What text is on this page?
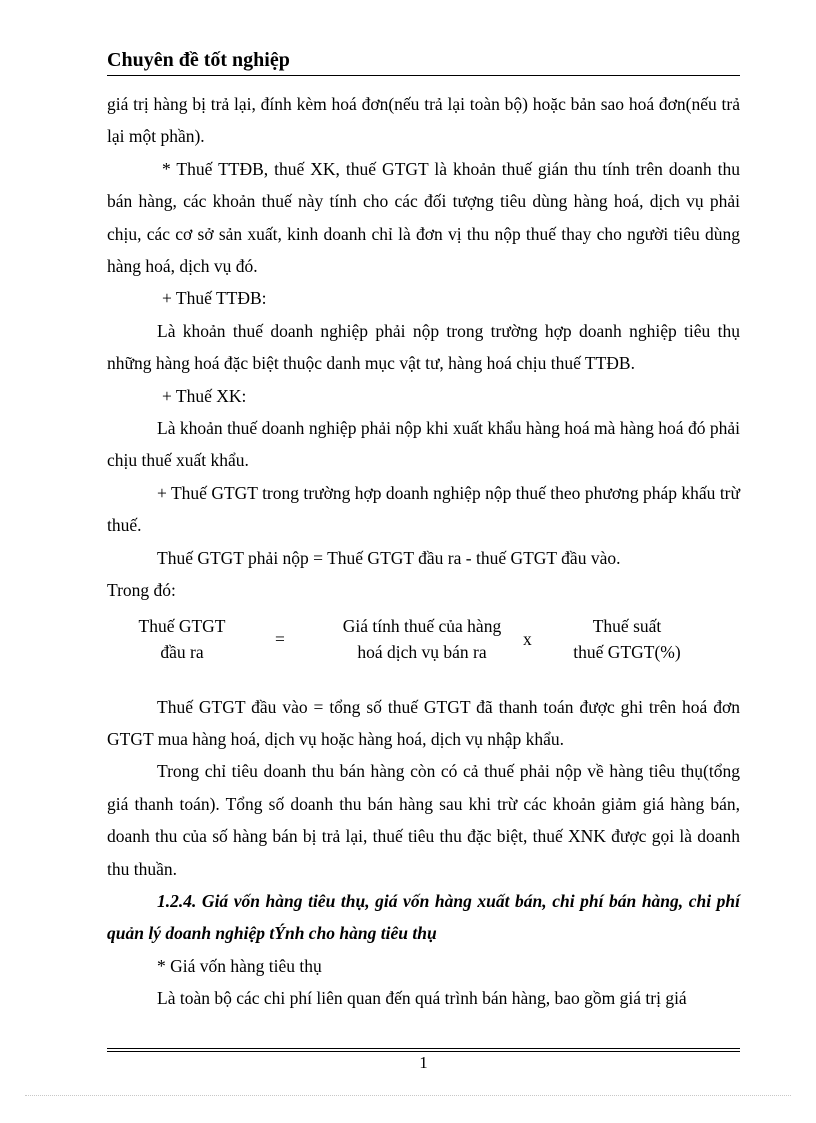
Chuyên đề tốt nghiệp

giá trị hàng bị trả lại, đính kèm hoá đơn(nếu trả lại toàn bộ) hoặc bản sao hoá đơn(nếu trả lại một phần).

* Thuế TTĐB, thuế XK, thuế GTGT là khoản thuế gián thu tính trên doanh thu bán hàng, các khoản thuế này tính cho các đối tượng tiêu dùng hàng hoá, dịch vụ phải chịu, các cơ sở sản xuất, kinh doanh chỉ là đơn vị thu nộp thuế thay cho người tiêu dùng hàng hoá, dịch vụ đó.

+ Thuế TTĐB:

Là khoản thuế doanh nghiệp phải nộp trong trường hợp doanh nghiệp tiêu thụ những hàng hoá đặc biệt thuộc danh mục vật tư, hàng hoá chịu thuế TTĐB.

+ Thuế XK:

Là khoản thuế doanh nghiệp phải nộp khi xuất khẩu hàng hoá mà hàng hoá đó phải chịu thuế xuất khẩu.

+ Thuế GTGT trong trường hợp doanh nghiệp nộp thuế theo phương pháp khấu trừ thuế.

Thuế GTGT phải nộp = Thuế GTGT đầu ra - thuế GTGT đầu vào.

Trong đó:

Thuế GTGT
đầu ra
=
Giá tính thuế của hàng
hoá dịch vụ bán ra
x
Thuế suất
thuế GTGT(%)

Thuế GTGT đầu vào = tổng số thuế GTGT đã thanh toán được ghi trên hoá đơn GTGT mua hàng hoá, dịch vụ hoặc hàng hoá, dịch vụ nhập khẩu.

Trong chỉ tiêu doanh thu bán hàng còn có cả thuế phải nộp về hàng tiêu thụ(tổng giá thanh toán). Tổng số doanh thu bán hàng sau khi trừ các khoản giảm giá hàng bán, doanh thu của số hàng bán bị trả lại, thuế tiêu thu đặc biệt, thuế XNK được gọi là doanh thu thuần.

1.2.4. Giá vốn hàng tiêu thụ, giá vốn hàng xuất bán, chi phí bán hàng, chi phí quản lý doanh nghiệp tÝnh cho hàng tiêu thụ

* Giá vốn hàng tiêu thụ

Là toàn bộ các chi phí liên quan đến quá trình bán hàng, bao gồm giá trị giá

1
